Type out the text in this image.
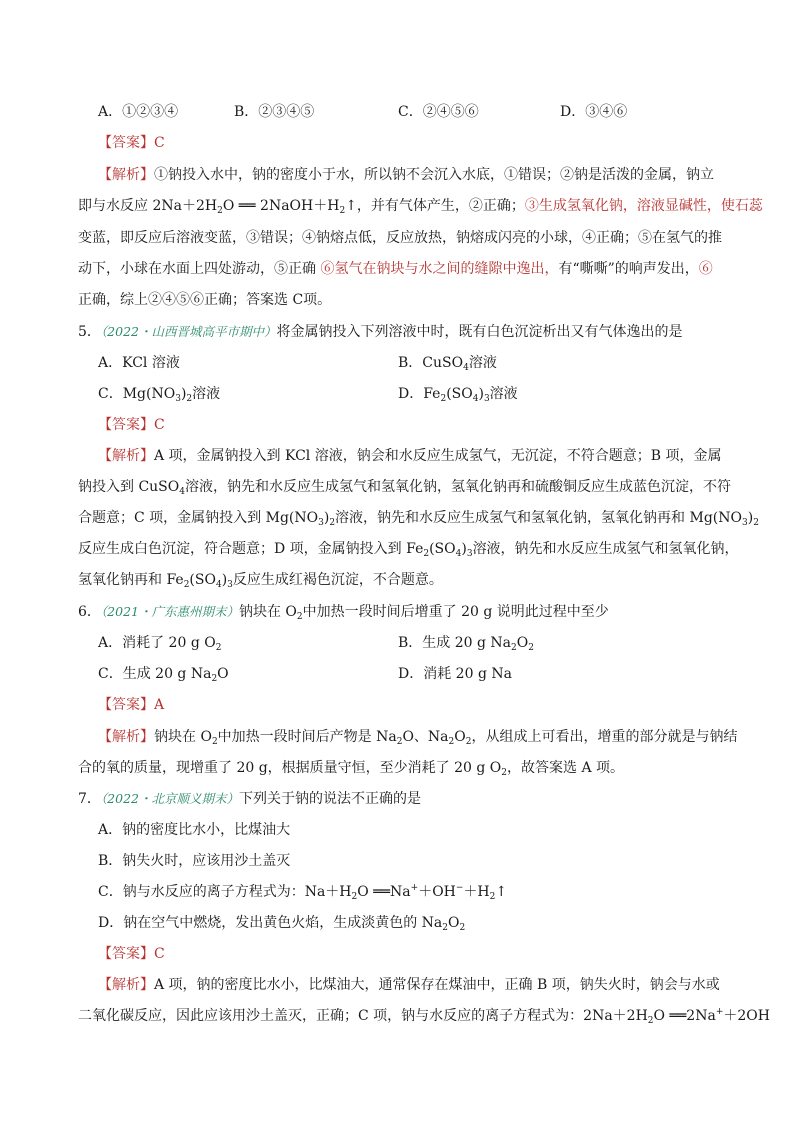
A．①②③④	B．②③④⑤	C．②④⑤⑥	D．③④⑥
【答案】C
【解析】①钠投入水中，钠的密度小于水，所以钠不会沉入水底，①错误；②钠是活泼的金属，钠立
即与水反应 $2Na+2H_2O$ ══ $2NaOH+H_2↑$，并有气体产生，②正确；③生成氢氧化钠，溶液显碱性，使石蕊
变蓝，即反应后溶液变蓝，③错误；④钠熔点低，反应放热，钠熔成闪亮的小球，④正确；⑤在氢气的推
动下，小球在水面上四处游动，⑤正确 ⑥氢气在钠块与水之间的缝隙中逸出，有“嘶嘶”的响声发出，⑥
正确，综上②④⑤⑥正确；答案选 C项。
5．（2022・山西晋城高平市期中）将金属钠投入下列溶液中时，既有白色沉淀析出又有气体逸出的是
A．KCl 溶液	B．CuSO$_4$溶液
C．$Mg(NO_3)_2$溶液	D．$Fe_2(SO_4)_3$溶液
【答案】C
【解析】A 项，金属钠投入到 KCl 溶液，钠会和水反应生成氢气，无沉淀，不符合题意；B 项，金属
钠投入到 CuSO$_4$溶液，钠先和水反应生成氢气和氢氧化钠，氢氧化钠再和硫酸铜反应生成蓝色沉淀，不符
合题意；C 项，金属钠投入到 $Mg(NO_3)_2$溶液，钠先和水反应生成氢气和氢氧化钠，氢氧化钠再和 $Mg(NO_3)_2$
反应生成白色沉淀，符合题意；D 项，金属钠投入到 $Fe_2(SO_4)_3$溶液，钠先和水反应生成氢气和氢氧化钠，
氢氧化钠再和 $Fe_2(SO_4)_3$反应生成红褐色沉淀，不合题意。
6．（2021・广东惠州期末）钠块在 $O_2$中加热一段时间后增重了 20 g 说明此过程中至少
A．消耗了 20 g $O_2$	B．生成 20 g $Na_2O_2$
C．生成 20 g $Na_2O$	D．消耗 20 g Na
【答案】A
【解析】钠块在 $O_2$中加热一段时间后产物是 $Na_2O$、$Na_2O_2$，从组成上可看出，增重的部分就是与钠结
合的氧的质量，现增重了 20 g，根据质量守恒，至少消耗了 20 g $O_2$，故答案选 A 项。
7．（2022・北京顺义期末）下列关于钠的说法不正确的是
A．钠的密度比水小，比煤油大
B．钠失火时，应该用沙土盖灭
C．钠与水反应的离子方程式为：$Na+H_2O$ $══Na^++OH^-+H_2↑$
D．钠在空气中燃烧，发出黄色火焰，生成淡黄色的 $Na_2O_2$
【答案】C
【解析】A 项，钠的密度比水小，比煤油大，通常保存在煤油中，正确 B 项，钠失火时，钠会与水或
二氧化碳反应，因此应该用沙土盖灭，正确；C 项，钠与水反应的离子方程式为：$2Na+2H_2O$ ══2Na+＋2OH
